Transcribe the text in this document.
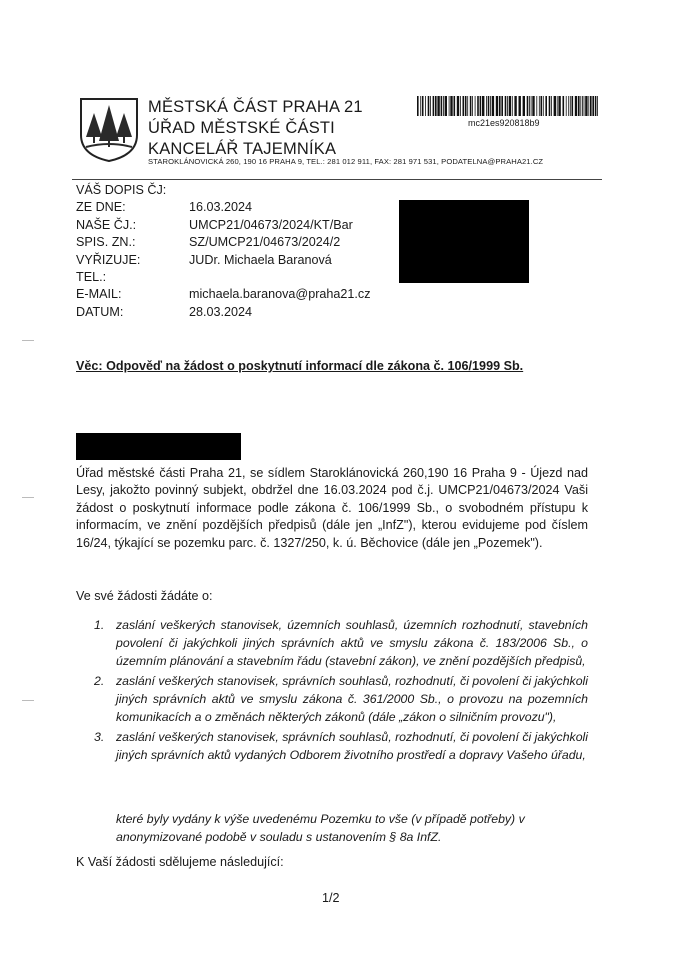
MĚSTSKÁ ČÁST PRAHA 21
ÚŘAD MĚSTSKÉ ČÁSTI
KANCELÁŘ TAJEMNÍKA
STAROKLÁNOVICKÁ 260, 190 16 PRAHA 9, TEL.: 281 012 911, FAX: 281 971 531, PODATELNA@PRAHA21.CZ
mc21es920818b9
VÁŠ DOPIS ČJ:
ZE DNE:	16.03.2024
NAŠE ČJ.:	UMCP21/04673/2024/KT/Bar
SPIS. ZN.:	SZ/UMCP21/04673/2024/2
VYŘIZUJE:	JUDr. Michaela Baranová
TEL.:
E-MAIL:	michaela.baranova@praha21.cz
DATUM:	28.03.2024
Věc: Odpověď na žádost o poskytnutí informací dle zákona č. 106/1999 Sb.
Úřad městské části Praha 21, se sídlem Staroklánovická 260,190 16 Praha 9 - Újezd nad Lesy, jakožto povinný subjekt, obdržel dne 16.03.2024 pod č.j. UMCP21/04673/2024 Vaši žádost o poskytnutí informace podle zákona č. 106/1999 Sb., o svobodném přístupu k informacím, ve znění pozdějších předpisů (dále jen „InfZ"), kterou evidujeme pod číslem 16/24, týkající se pozemku parc. č. 1327/250, k. ú. Běchovice (dále jen „Pozemek").
Ve své žádosti žádáte o:
1. zaslání veškerých stanovisek, územních souhlasů, územních rozhodnutí, stavebních povolení či jakýchkoli jiných správních aktů ve smyslu zákona č. 183/2006 Sb., o územním plánování a stavebním řádu (stavební zákon), ve znění pozdějších předpisů,
2. zaslání veškerých stanovisek, správních souhlasů, rozhodnutí, či povolení či jakýchkoli jiných správních aktů ve smyslu zákona č. 361/2000 Sb., o provozu na pozemních komunikacích a o změnách některých zákonů (dále „zákon o silničním provozu"),
3. zaslání veškerých stanovisek, správních souhlasů, rozhodnutí, či povolení či jakýchkoli jiných správních aktů vydaných Odborem životního prostředí a dopravy Vašeho úřadu,
které byly vydány k výše uvedenému Pozemku to vše (v případě potřeby) v anonymizované podobě v souladu s ustanovením § 8a InfZ.
K Vaší žádosti sdělujeme následující:
1/2
